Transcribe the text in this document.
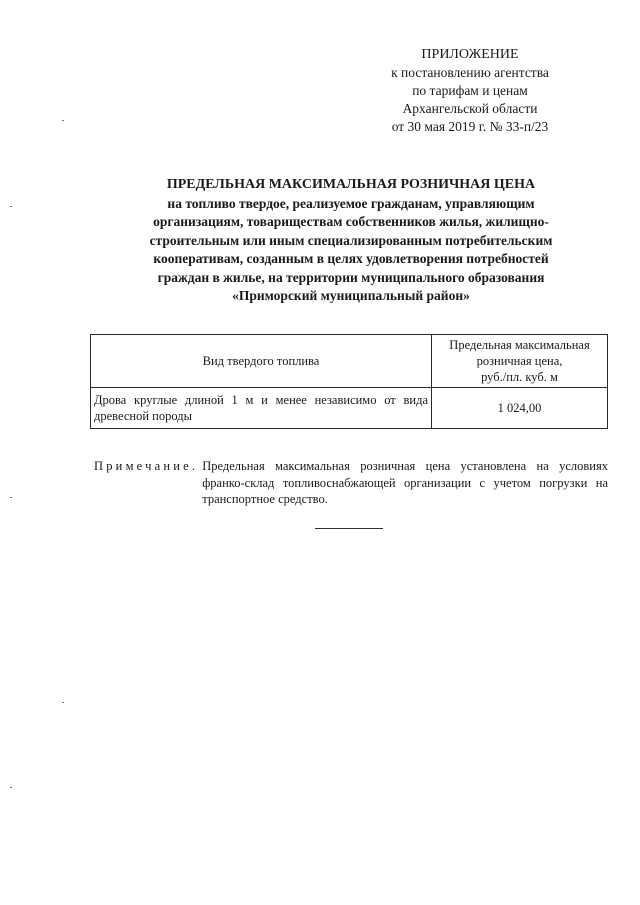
ПРИЛОЖЕНИЕ
к постановлению агентства
по тарифам и ценам
Архангельской области
от 30 мая 2019 г. № 33-п/23
ПРЕДЕЛЬНАЯ МАКСИМАЛЬНАЯ РОЗНИЧНАЯ ЦЕНА
на топливо твердое, реализуемое гражданам, управляющим
организациям, товариществам собственников жилья, жилищно-
строительным или иным специализированным потребительским
кооперативам, созданным в целях удовлетворения потребностей
граждан в жилье, на территории муниципального образования
«Приморский муниципальный район»
Вид твердого топлива	Предельная максимальная
розничная цена,
руб./пл. куб. м

Дрова круглые длиной 1 м и менее независимо от вида древесной породы	1 024,00
Примечание. Предельная максимальная розничная цена установлена на условиях франко-склад топливоснабжающей организации с учетом погрузки на транспортное средство.
